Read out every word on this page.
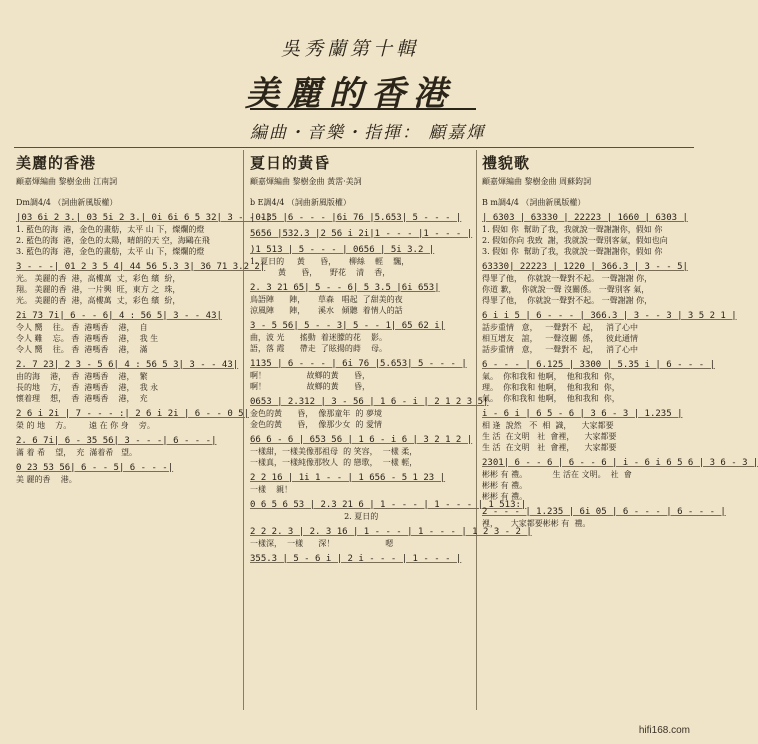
吳秀蘭第十輯
美麗的香港
編曲・音樂・指揮： 顧嘉煇
美麗的香港
顧嘉煇編曲 黎樹金曲 江南詞
Dm調4/4 （詞曲新風版權）
|03 6i 2 3.| 03 5i 2 3.| 0i 6i 6 5 32| 3 - - -|
1. 藍色的海  港，金色的畫舫，太平 山 下，燦爛的燈
2. 藍色的海  港，金色的太陽，晴朗的天 空，海鷗在飛
3. 藍色的海  港，金色的畫舫，太平 山 下，燦爛的燈
3 - - -| 01 2 3 5 4| 44 56 5.3 3| 36 71 3.2 2|
光。 美麗的香  港，高樓萬  丈，彩色 繽  紛，
翔。 美麗的香  港，一片興  旺，東方 之  珠，
光。 美麗的香  港，高樓萬  丈，彩色 繽  紛，
2i 73 7i| 6 - - 6| 4 : 56 5| 3 - - 43|
令人 嚮    往。 香  港嗎香    港，  自
令人 難    忘。 香  港嗎香    港，  我 生
令人 嚮    往。 香  港嗎香    港，  滿
2. 7 23| 2 3 - 5 6| 4 : 56 5 3| 3 - - 43|
由的海    港，  香  港嗎香    港，  繁
長的地    方，  香  港嗎香    港，  我 永
懷着理    想，  香  港嗎香    港，  充
2 6 i 2i | 7 - - - :| 2 6 i 2i | 6 - - 0 5|
榮 的 地    方。       遠 在 你 身    旁。
2. 6 7i| 6 - 35 56| 3 - - -| 6 - - -|
滿 着 希    望，  充  滿着希   望。
0 23 53 56| 6 - - 5| 6 - - -|
美 麗的香    港。
夏日的黃昏
顧嘉煇編曲 黎樹金曲 黃霑·美詞
b E調4/4 （詞曲新風版權）
|0135 |6 - - - |6i 76 |5.653| 5 - - - |
5656 |532.3 |2 56 i 2i|1 - - - |1 - - - |
)1 513 | 5 - - - | 0656 | 5i 3.2 |
1. 夏日的     黃      昏，     柳絲    輕    飄，
黃      昏，     野花    清    香，
2. 3 21 65| 5 - - 6| 5 3.5 |6i 653|
鳥語陣      陣，     草森   唱起  了甜美的夜
涼風陣      陣，     溪水   傾聽  着情人的話
3 - 5 56| 5 - - 3| 5 - - 1| 65 62 i|
曲，波 光      搖動  着迷朦的花    影。
語，落 霞      帶走  了眩揚的蒔    母。
1135 | 6 - - - | 6i 76 |5.653| 5 - - - |
啊！                故鄉的黃      昏，
啊！                故鄉的黃      昏，
0653 | 2.312 | 3 - 56 | 1 6 - i | 2 1 2 3 5|
金色的黃      昏，  像那童年  的 夢境
金色的黃      昏，  像那少女  的 愛情
66 6 - 6 | 653 56 | 1 6 - i 6 | 3 2 1 2 |
一樣甜，一樣美像那祖母  的 笑容，  一樣 柔，
一樣真，一樣純像那牧人  的 戀歌，  一樣 輕，
2 2 16 | 1i 1 - - | 1 656 - 5 1 23 |
一樣    親！
0 6 5 6 53 | 2.3 21 6 | 1 - - - | 1 - - - | 1 513:|
2. 夏日的
2 2 2. 3 | 2. 3 16 | 1 - - - | 1 - - - | 1 2 3 - 2 |
一樣深，  一樣      深！                    嗯
355.3 | 5 - 6 i | 2 i - - - | 1 - - - |
禮貌歌
顧嘉煇編曲 黎樹金曲 周蘇鈞詞
B m調4/4 （詞曲新風版權）
| 6303 | 63330 | 22223 | 1660 | 6303 |
1. 假如 你  幫助了我，我就說一聲謝謝你，假如 你
2. 假如你向 我致  謝，我就說一聲別客氣，假如也向
3. 假如 你  幫助了我，我就說一聲謝謝你，假如 你
63330| 22223 | 1220 | 366.3 | 3 - - 5|
得罪了他，  你就說一聲對不起。 一聲謝謝 你，
你道 歉，  你就說一聲 沒關係。 一聲別客 氣，
得罪了他，  你就說一聲對不起。 一聲謝謝 你，
6 i i 5 | 6 - - - | 366.3 | 3 - - 3 | 3 5 2 1 |
話步重情   意，   一聲對不  起，   消了心中
相互增友   誼，   一聲沒關  係，   彼此通情
話步重情   意，   一聲對不  起，   消了心中
6 - - - | 6.125 | 3300 | 5.35 i | 6 - - - |
氣。  你和我和 他啊，  他和我和  你，
理。  你和我和 他啊，  他和我和  你，
氣。  你和我和 他啊，  他和我和  你，
i - 6 i | 6 5 - 6 | 3 6 - 3 | 1.235 |
相 逢  說然   不  相  識，    大家都要
生 活  在文明   社  會裡，    大家都要
生 活  在文明   社  會裡，    大家都要
2301| 6 - - 6 | 6 - - 6 | i - 6 i 6 5 6 | 3 6 - 3 |
彬彬 有 禮。          生 活在 文明。  社  會
彬彬 有 禮。
彬彬 有 禮。
2 - - - | 1.235 | 6i 05 | 6 - - - | 6 - - - |
裡，     大家都要彬彬 有  禮。
hifi168.com
